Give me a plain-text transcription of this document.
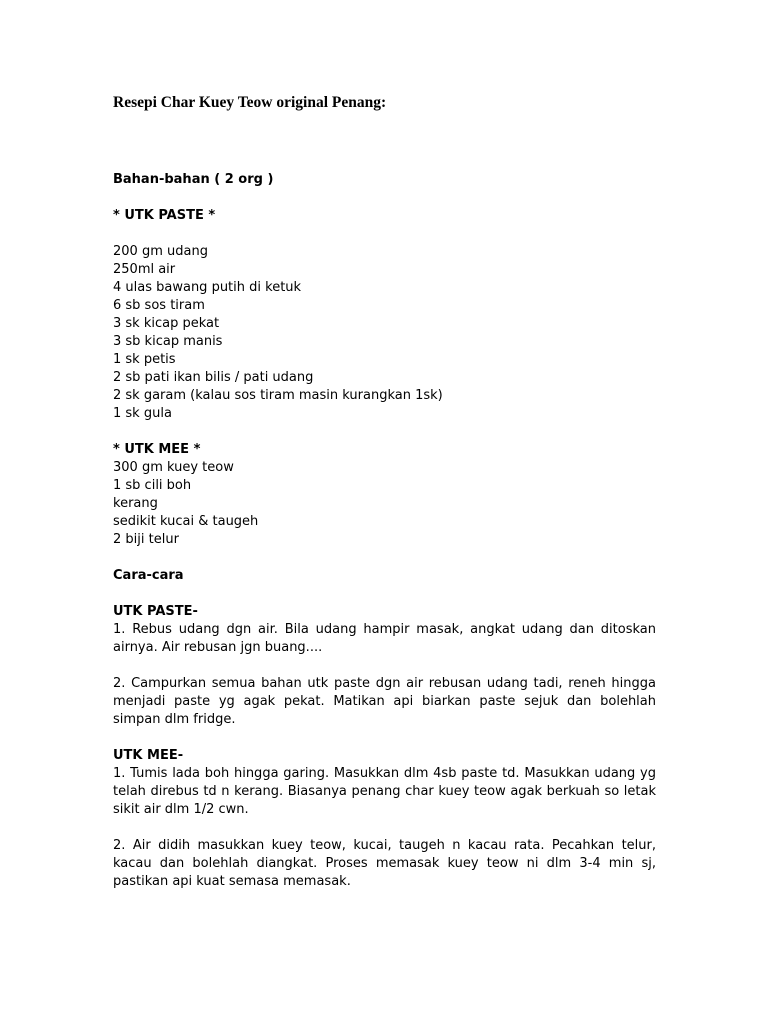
Resepi Char Kuey Teow original Penang:

Bahan-bahan ( 2 org )

* UTK PASTE *

200 gm udang
250ml air
4 ulas bawang putih di ketuk
6 sb sos tiram
3 sk kicap pekat
3 sb kicap manis
1 sk petis
2 sb pati ikan bilis / pati udang
2 sk garam (kalau sos tiram masin kurangkan 1sk)
1 sk gula

* UTK MEE *

300 gm kuey teow
1 sb cili boh
kerang
sedikit kucai & taugeh
2 biji telur

Cara-cara

UTK PASTE-

1. Rebus udang dgn air. Bila udang hampir masak, angkat udang dan ditoskan airnya. Air rebusan jgn buang....

2. Campurkan semua bahan utk paste dgn air rebusan udang tadi, reneh hingga menjadi paste yg agak pekat. Matikan api biarkan paste sejuk dan bolehlah simpan dlm fridge.

UTK MEE-

1. Tumis lada boh hingga garing. Masukkan dlm 4sb paste td. Masukkan udang yg telah direbus td n kerang. Biasanya penang char kuey teow agak berkuah so letak sikit air dlm 1/2 cwn.

2. Air didih masukkan kuey teow, kucai, taugeh n kacau rata. Pecahkan telur, kacau dan bolehlah diangkat. Proses memasak kuey teow ni dlm 3-4 min sj, pastikan api kuat semasa memasak.
